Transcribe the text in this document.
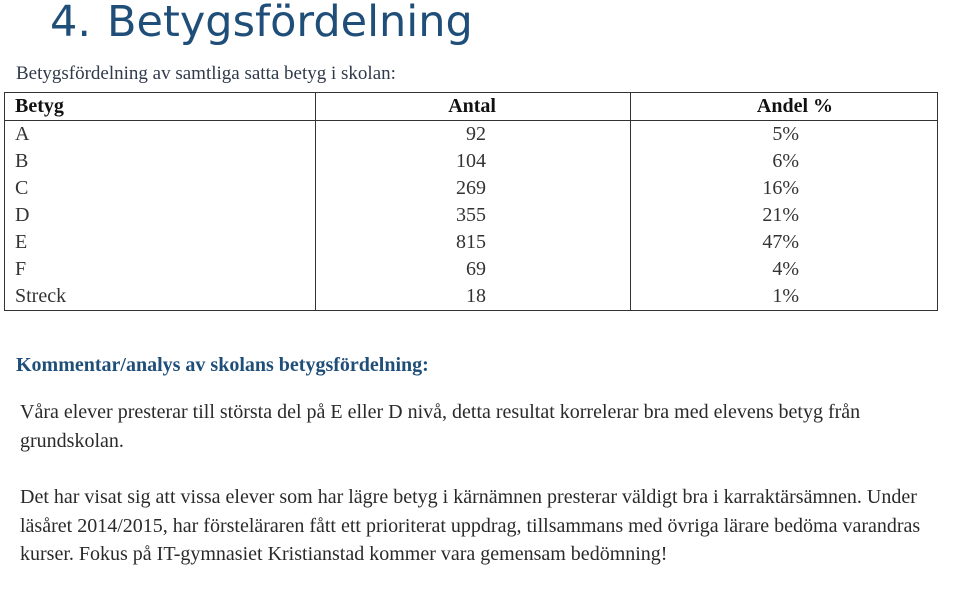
4. Betygsfördelning

Betygsfördelning av samtliga satta betyg i skolan:

Betyg	Antal	Andel %
A	92	5%
B	104	6%
C	269	16%
D	355	21%
E	815	47%
F	69	4%
Streck	18	1%
Kommentar/analys av skolans betygsfördelning:

Våra elever presterar till största del på E eller D nivå, detta resultat korrelerar bra med elevens betyg från grundskolan.

Det har visat sig att vissa elever som har lägre betyg i kärnämnen presterar väldigt bra i karraktärsämnen. Under läsåret 2014/2015, har försteläraren fått ett prioriterat uppdrag, tillsammans med övriga lärare bedöma varandras kurser. Fokus på IT-gymnasiet Kristianstad kommer vara gemensam bedömning!
